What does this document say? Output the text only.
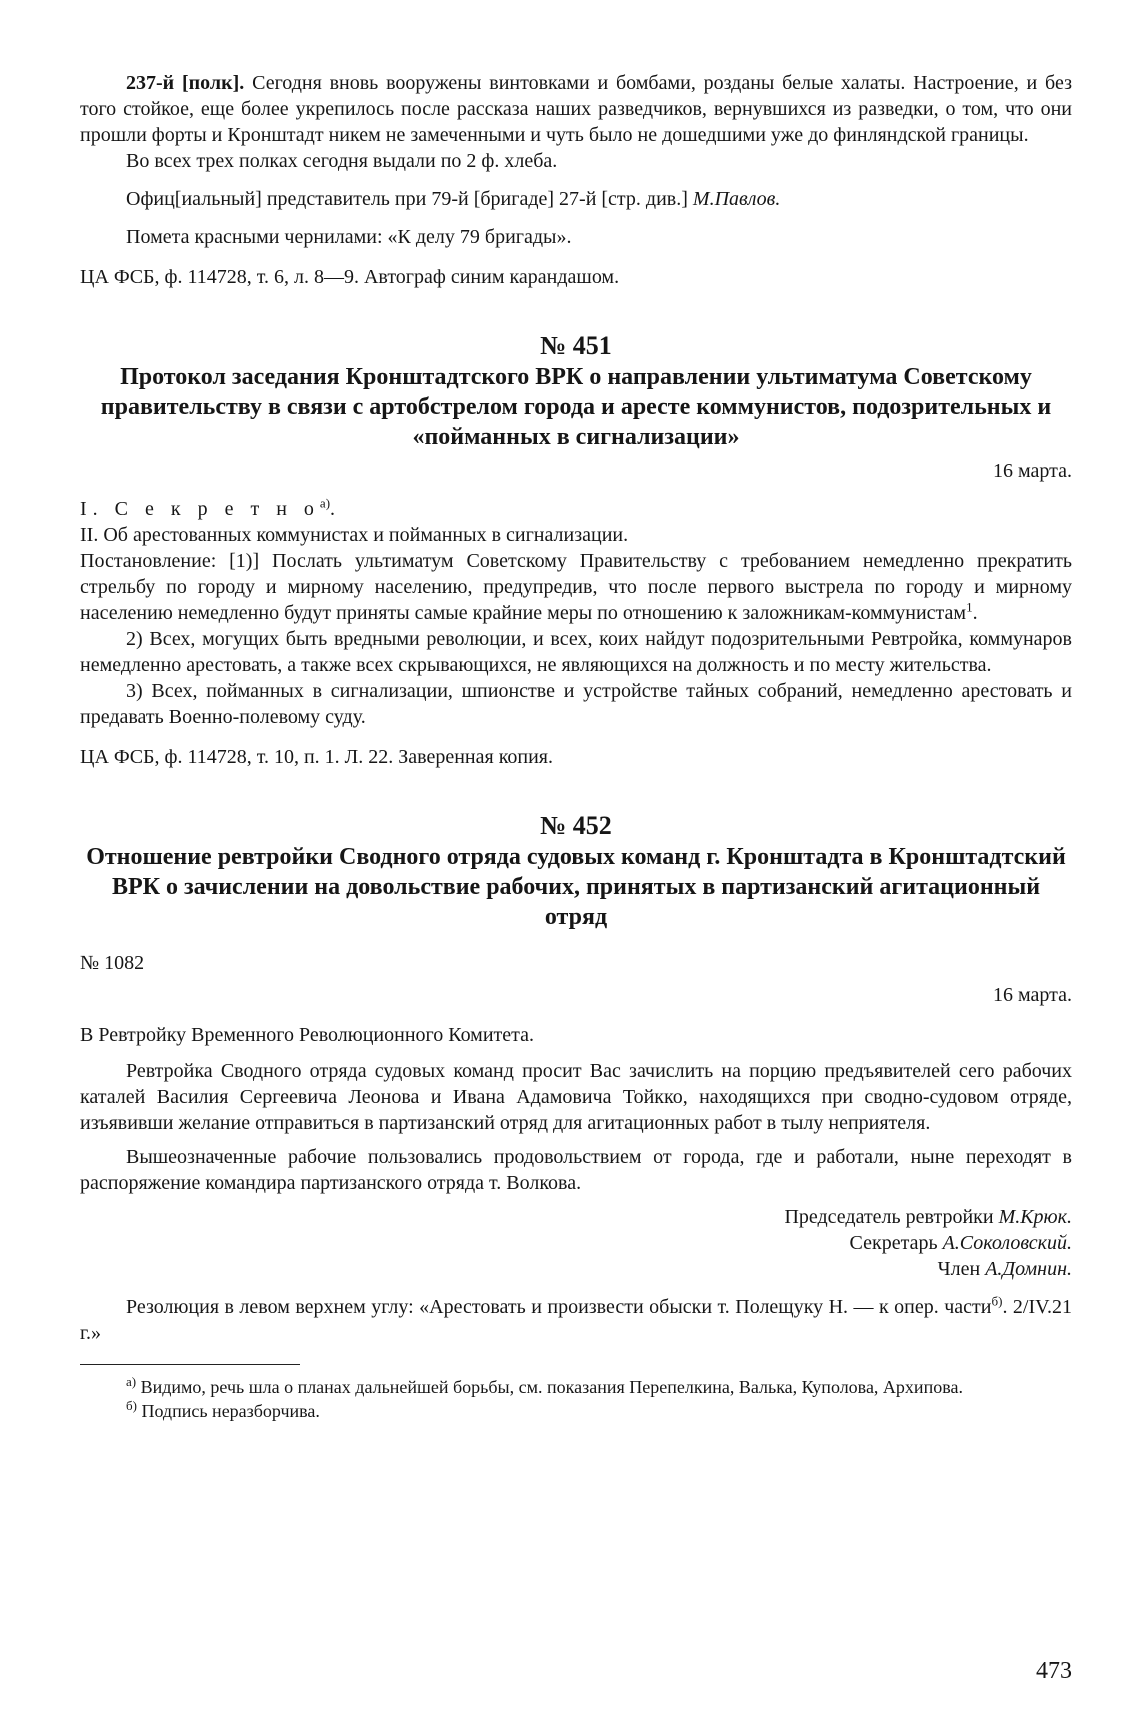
237-й [полк]. Сегодня вновь вооружены винтовками и бомбами, розданы белые халаты. Настроение, и без того стойкое, еще более укрепилось после рассказа наших разведчиков, вернувшихся из разведки, о том, что они прошли форты и Кронштадт никем не замеченными и чуть было не дошедшими уже до финляндской границы.

Во всех трех полках сегодня выдали по 2 ф. хлеба.

Офиц[иальный] представитель при 79-й [бригаде] 27-й [стр. див.] М.Павлов.

Помета красными чернилами: «К делу 79 бригады».

ЦА ФСБ, ф. 114728, т. 6, л. 8—9. Автограф синим карандашом.

№ 451
Протокол заседания Кронштадтского ВРК о направлении ультиматума Советскому правительству в связи с артобстрелом города и аресте коммунистов, подозрительных и «пойманных в сигнализации»

16 марта.

I. С е к р е т н $о^{а)}$.

II. Об арестованных коммунистах и пойманных в сигнализации.

Постановление: [1)] Послать ультиматум Советскому Правительству с требованием немедленно прекратить стрельбу по городу и мирному населению, предупредив, что после первого выстрела по городу и мирному населению немедленно будут приняты самые крайние меры по отношению к заложникам-коммунистам$^1$.

2) Всех, могущих быть вредными революции, и всех, коих найдут подозрительными Ревтройка, коммунаров немедленно арестовать, а также всех скрывающихся, не являющихся на должность и по месту жительства.

3) Всех, пойманных в сигнализации, шпионстве и устройстве тайных собраний, немедленно арестовать и предавать Военно-полевому суду.

ЦА ФСБ, ф. 114728, т. 10, п. 1. Л. 22. Заверенная копия.

№ 452
Отношение ревтройки Сводного отряда судовых команд г. Кронштадта в Кронштадтский ВРК о зачислении на довольствие рабочих, принятых в партизанский агитационный отряд

№ 1082

16 марта.

В Ревтройку Временного Революционного Комитета.

Ревтройка Сводного отряда судовых команд просит Вас зачислить на порцию предъявителей сего рабочих каталей Василия Сергеевича Леонова и Ивана Адамовича Тойкко, находящихся при сводно-судовом отряде, изъявивши желание отправиться в партизанский отряд для агитационных работ в тылу неприятеля.

Вышеозначенные рабочие пользовались продовольствием от города, где и работали, ныне переходят в распоряжение командира партизанского отряда т. Волкова.

Председатель ревтройки М.Крюк.

Секретарь А.Соколовский.

Член А.Домнин.

Резолюция в левом верхнем углу: «Арестовать и произвести обыски т. Полещуку Н. — к опер. части$^{б)}$. 2/IV.21 г.»

$^{а)}$ Видимо, речь шла о планах дальнейшей борьбы, см. показания Перепелкина, Валька, Куполова, Архипова.

$^{б)}$ Подпись неразборчива.

473
